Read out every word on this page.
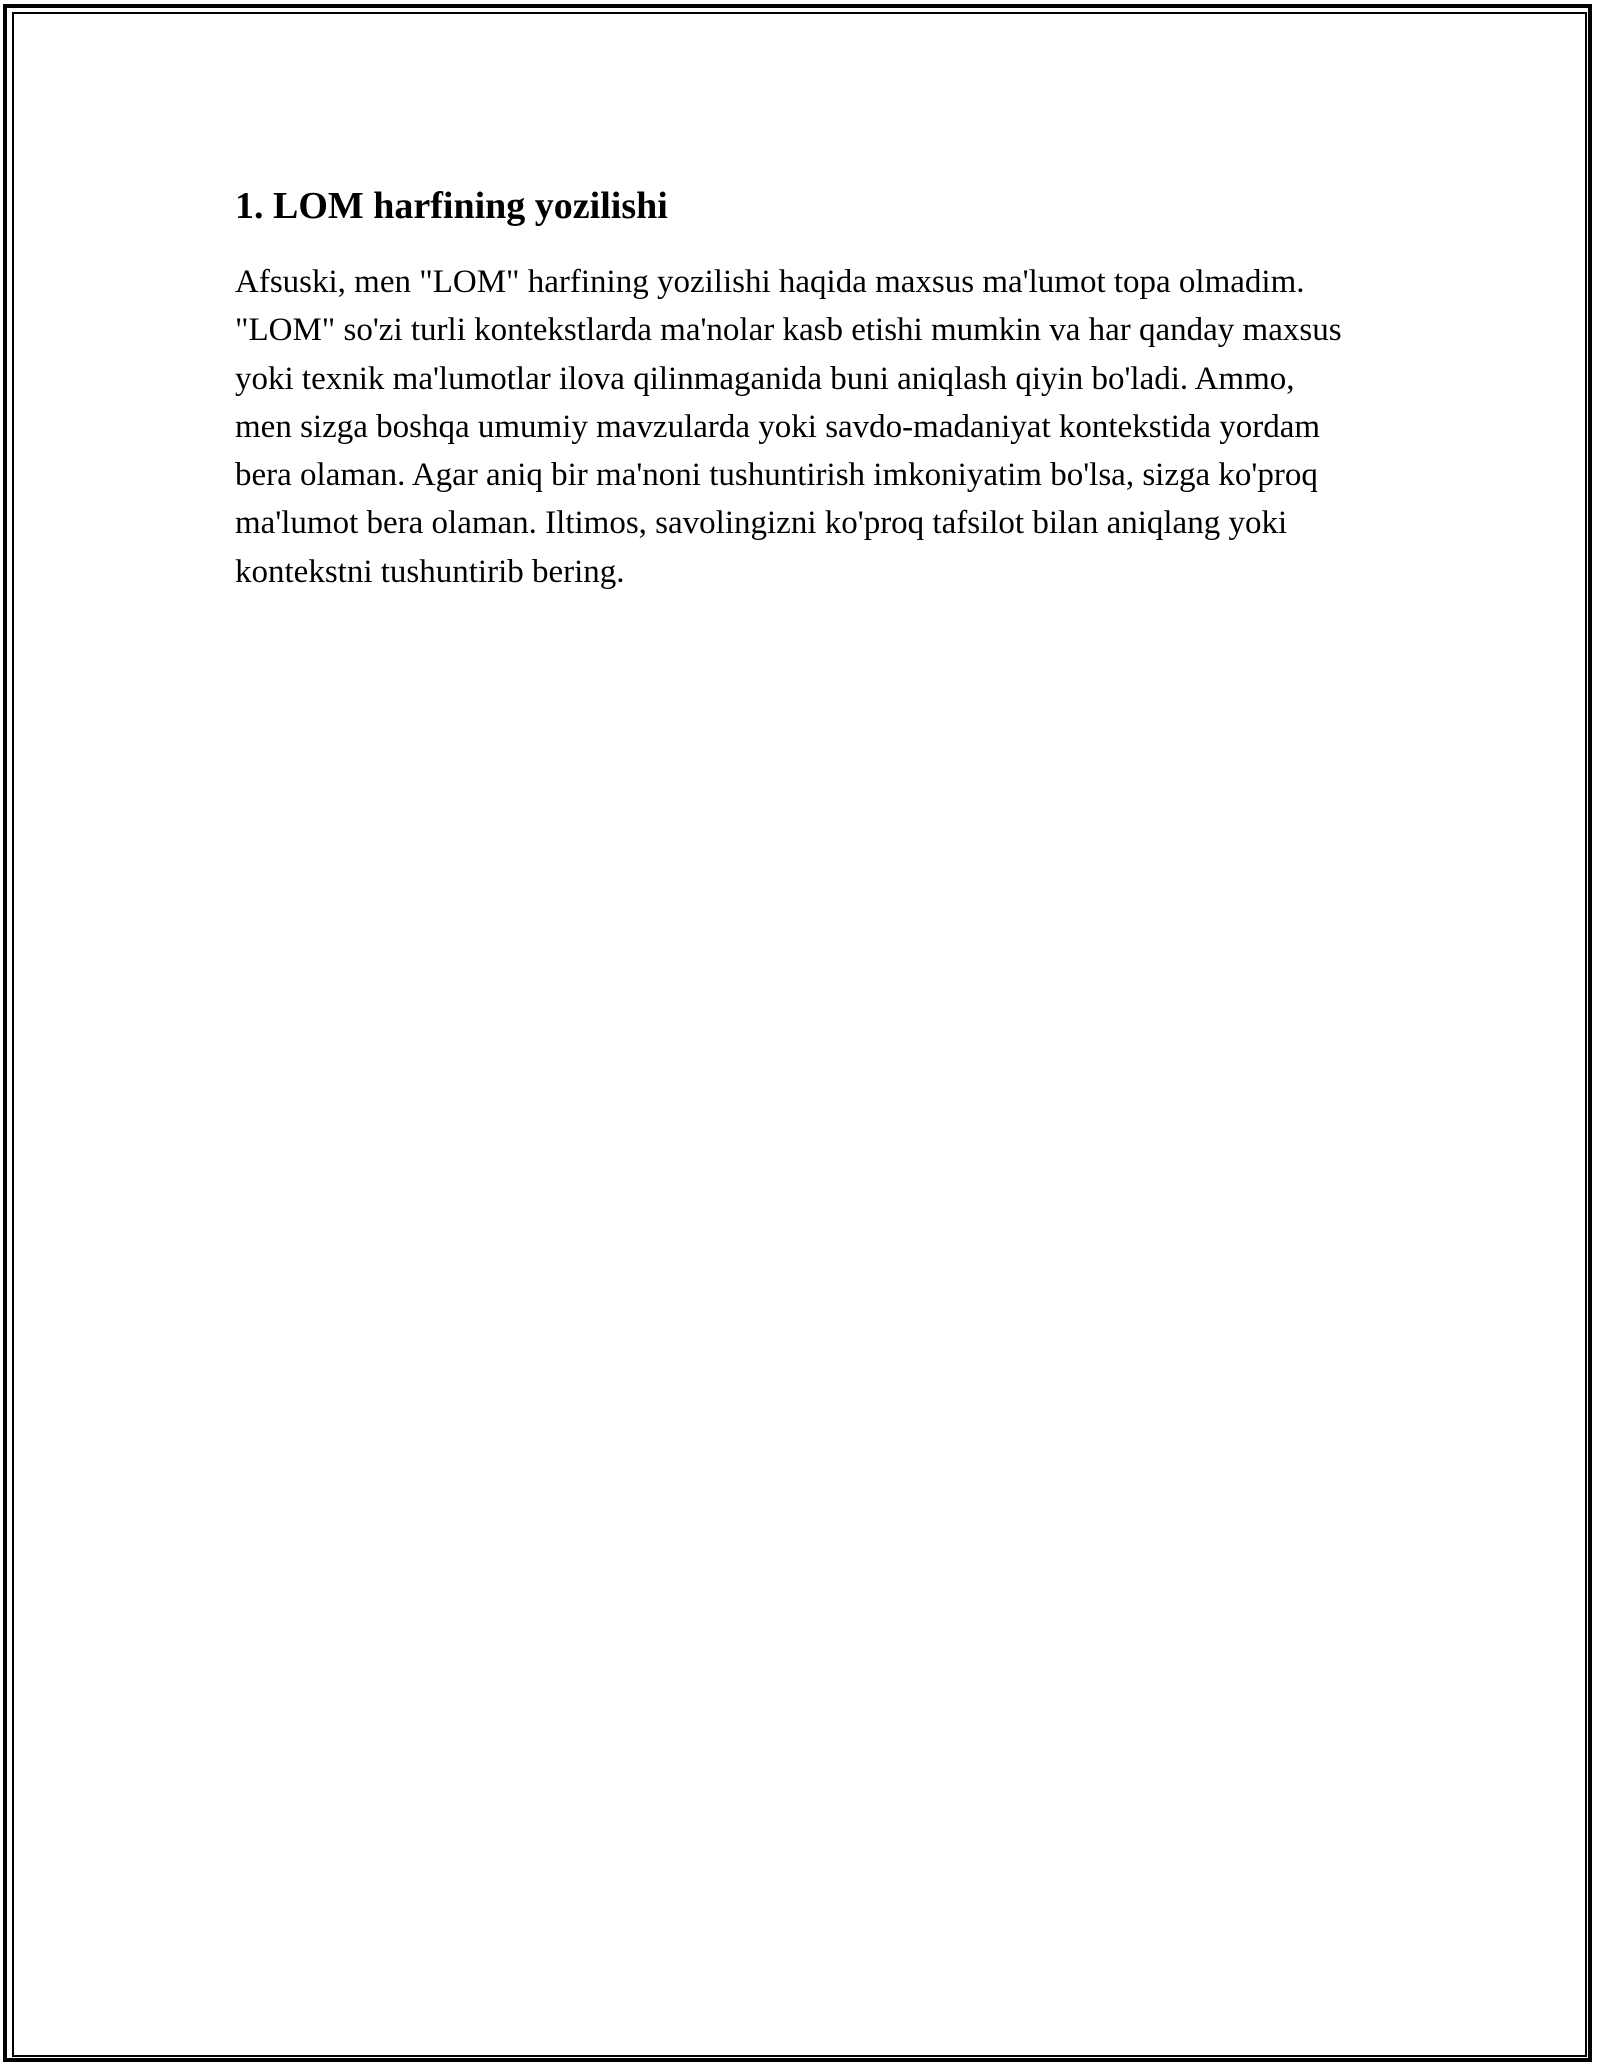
1. LOM harfining yozilishi

Afsuski, men "LOM" harfining yozilishi haqida maxsus ma'lumot topa olmadim. "LOM" so'zi turli kontekstlarda ma'nolar kasb etishi mumkin va har qanday maxsus yoki texnik ma'lumotlar ilova qilinmaganida buni aniqlash qiyin bo'ladi. Ammo, men sizga boshqa umumiy mavzularda yoki savdo-madaniyat kontekstida yordam bera olaman. Agar aniq bir ma'noni tushuntirish imkoniyatim bo'lsa, sizga ko'proq ma'lumot bera olaman. Iltimos, savolingizni ko'proq tafsilot bilan aniqlang yoki kontekstni tushuntirib bering.
